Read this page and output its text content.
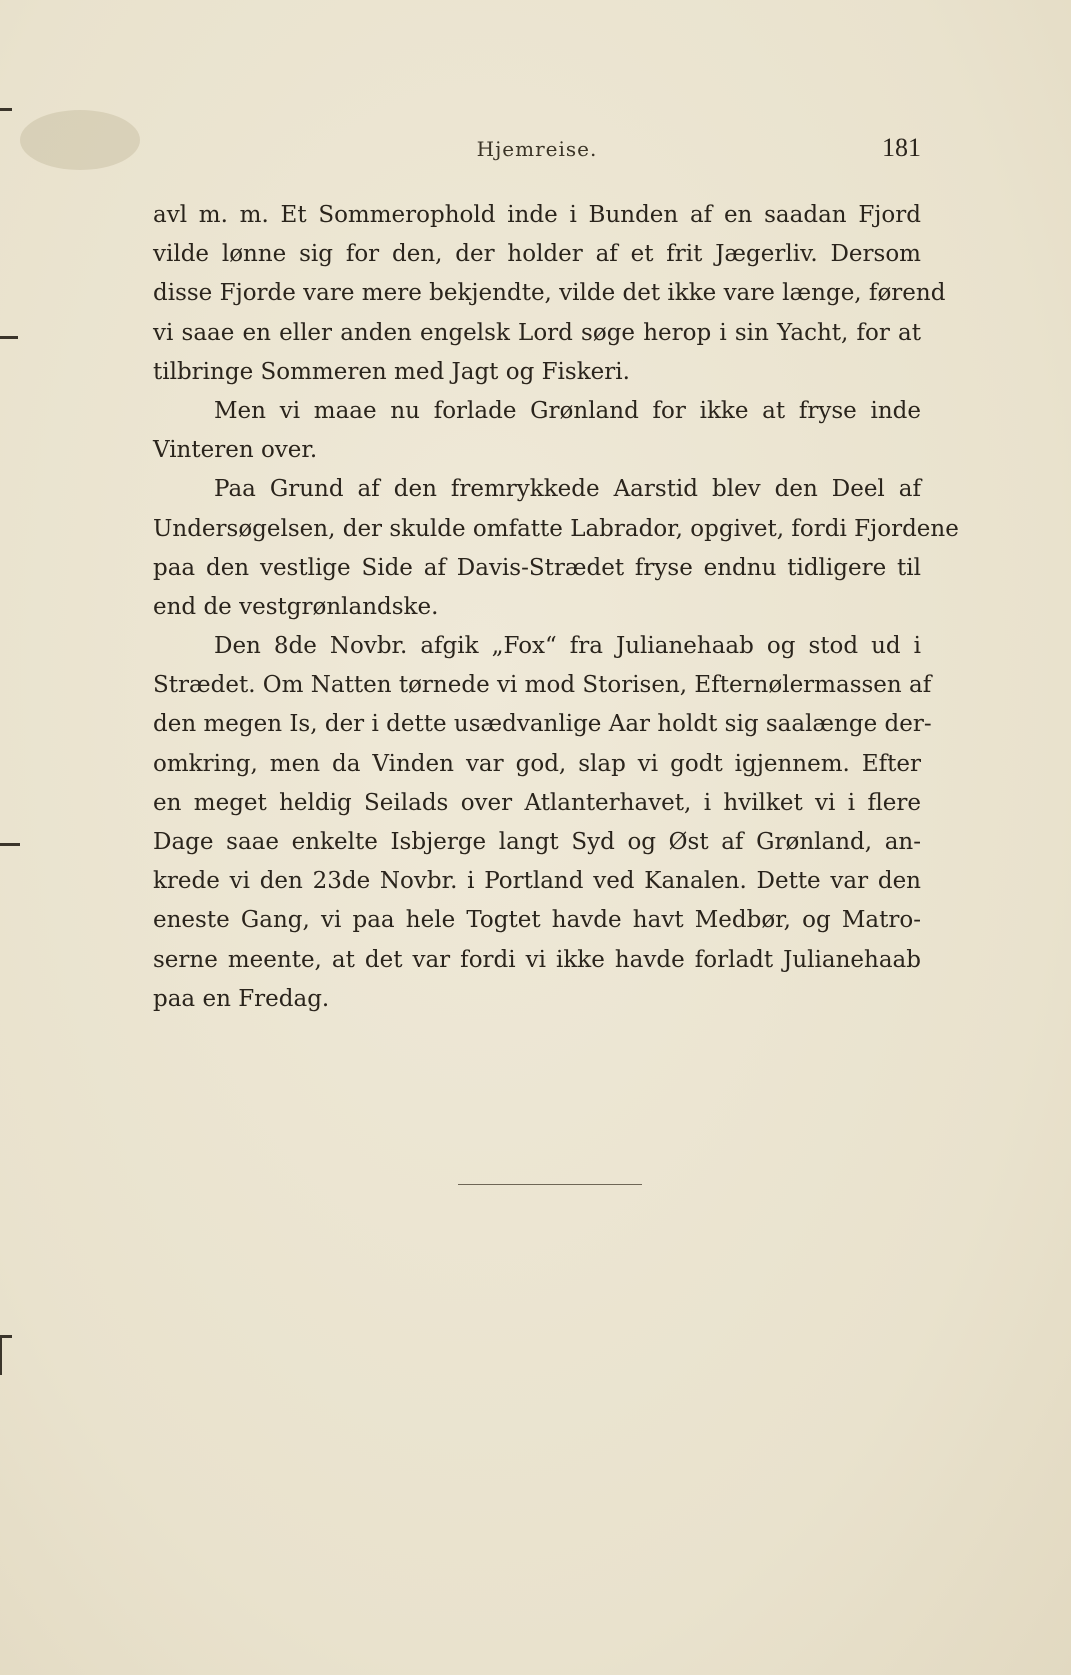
Hjemreise.	181
avl m. m. Et Sommerophold inde i Bunden af en saadan Fjord
vilde lønne sig for den, der holder af et frit Jægerliv. Dersom
disse Fjorde vare mere bekjendte, vilde det ikke vare længe, førend
vi saae en eller anden engelsk Lord søge herop i sin Yacht, for at
tilbringe Sommeren med Jagt og Fiskeri.
Men vi maae nu forlade Grønland for ikke at fryse inde
Vinteren over.
Paa Grund af den fremrykkede Aarstid blev den Deel af
Undersøgelsen, der skulde omfatte Labrador, opgivet, fordi Fjordene
paa den vestlige Side af Davis-Strædet fryse endnu tidligere til
end de vestgrønlandske.
Den 8de Novbr. afgik „Fox“ fra Julianehaab og stod ud i
Strædet. Om Natten tørnede vi mod Storisen, Efternølermassen af
den megen Is, der i dette usædvanlige Aar holdt sig saalænge der-
omkring, men da Vinden var god, slap vi godt igjennem. Efter
en meget heldig Seilads over Atlanterhavet, i hvilket vi i flere
Dage saae enkelte Isbjerge langt Syd og Øst af Grønland, an-
krede vi den 23de Novbr. i Portland ved Kanalen. Dette var den
eneste Gang, vi paa hele Togtet havde havt Medbør, og Matro-
serne meente, at det var fordi vi ikke havde forladt Julianehaab
paa en Fredag.
